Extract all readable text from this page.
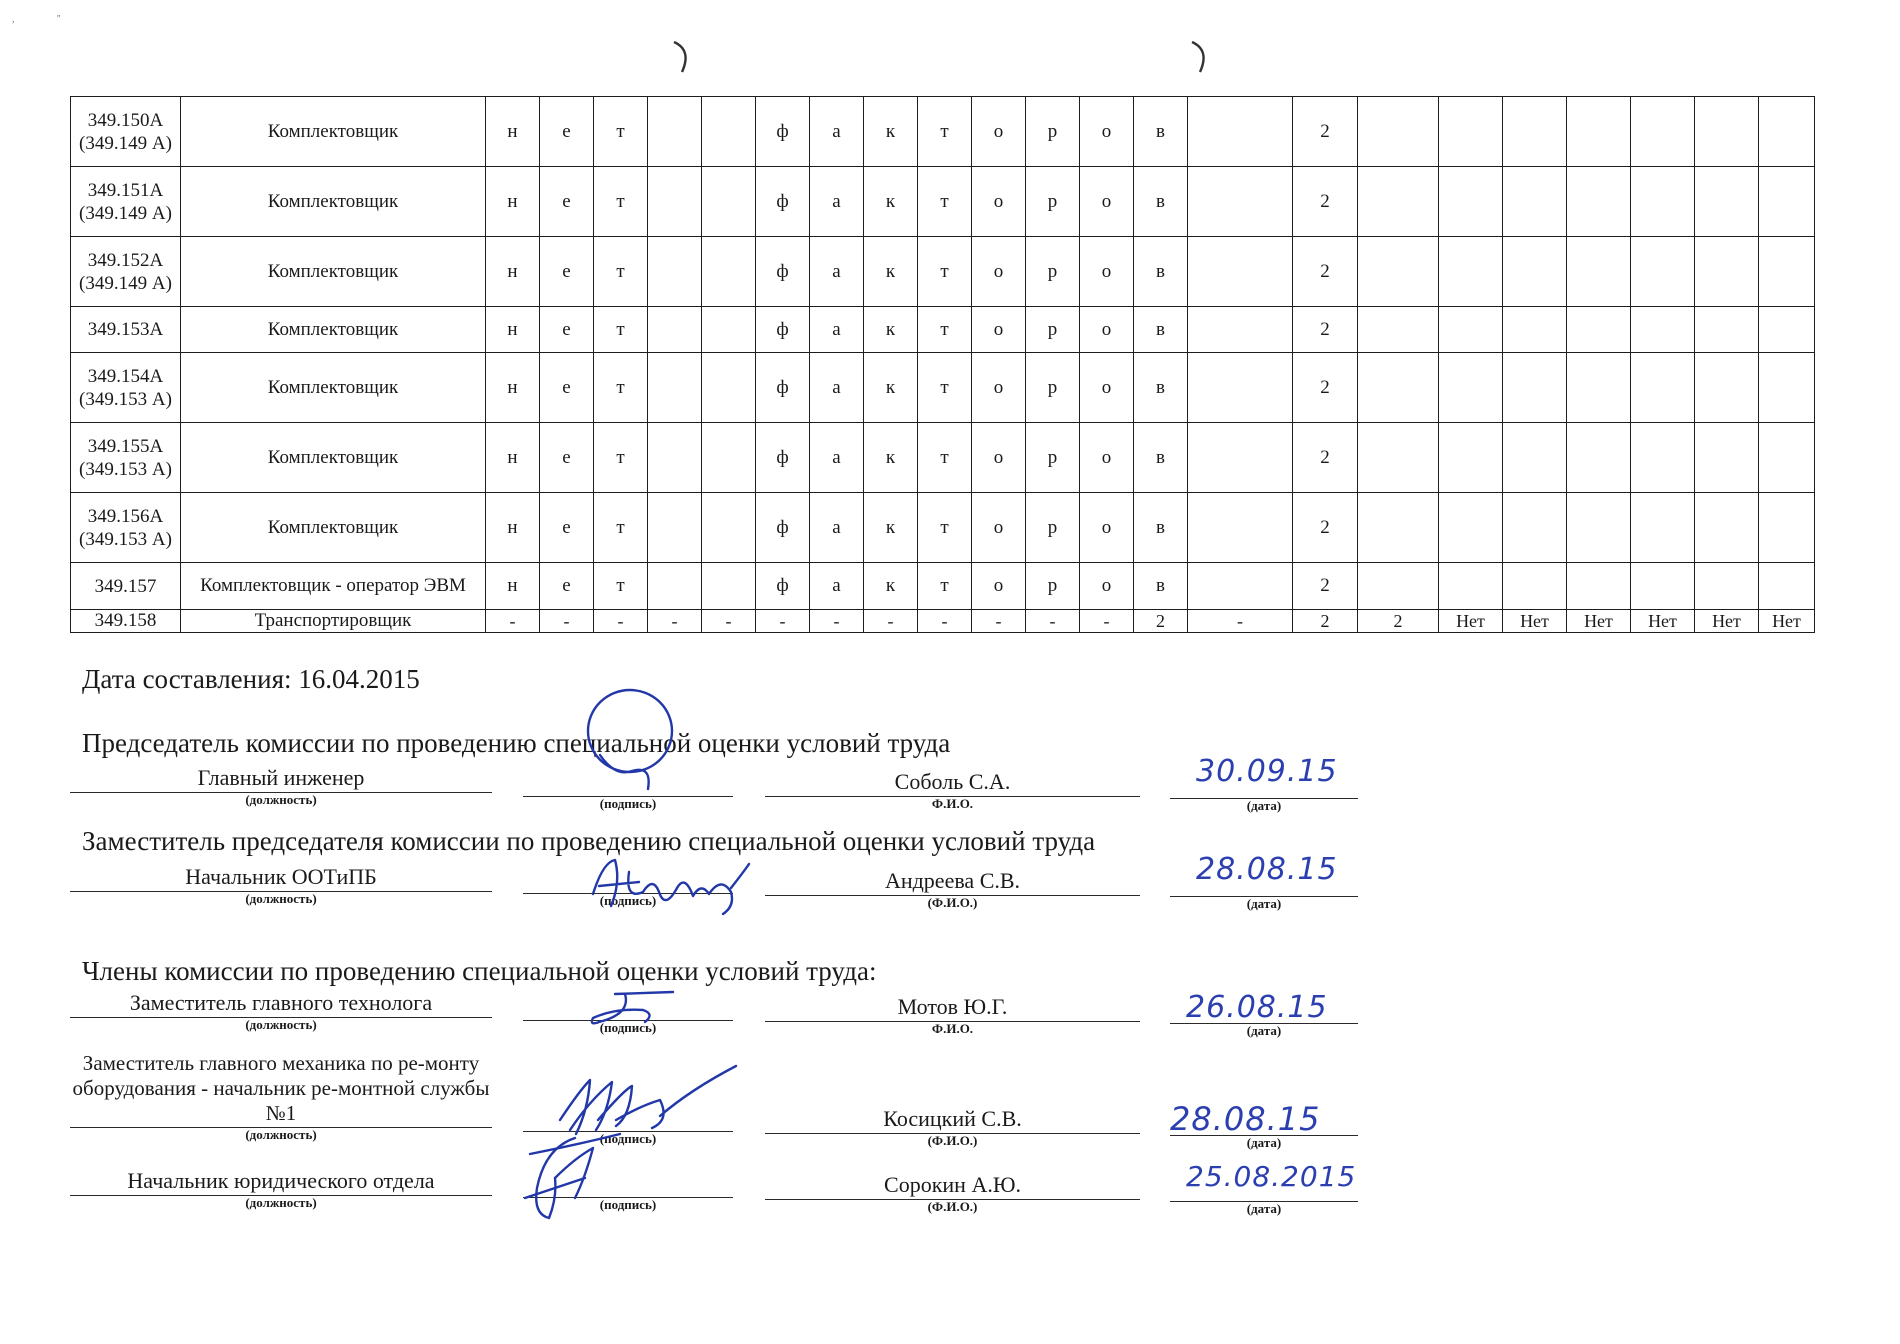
,                 ''
349.150А (349.149 А)	Комплектовщик	н	е	т			ф	а	к	т	о	р	о	в		2							
349.151А (349.149 А)	Комплектовщик	н	е	т			ф	а	к	т	о	р	о	в		2							
349.152А (349.149 А)	Комплектовщик	н	е	т			ф	а	к	т	о	р	о	в		2							
349.153А	Комплектовщик	н	е	т			ф	а	к	т	о	р	о	в		2							
349.154А (349.153 А)	Комплектовщик	н	е	т			ф	а	к	т	о	р	о	в		2							
349.155А (349.153 А)	Комплектовщик	н	е	т			ф	а	к	т	о	р	о	в		2							
349.156А (349.153 А)	Комплектовщик	н	е	т			ф	а	к	т	о	р	о	в		2							
349.157	Комплектовщик - оператор ЭВМ	н	е	т			ф	а	к	т	о	р	о	в		2							
349.158	Транспортировщик	-	-	-	-	-	-	-	-	-	-	-	-	2	-	2	2	Нет	Нет	Нет	Нет	Нет	Нет
Дата составления: 16.04.2015
Председатель комиссии по проведению специальной оценки условий труда
Главный инженер
(должность)	(подпись)
Соболь С.А.
Ф.И.О.	(дата)
30.09.15
Заместитель председателя комиссии по проведению специальной оценки условий труда
Начальник ООТиПБ
(должность)	(подпись)
Андреева С.В.
(Ф.И.О.)	(дата)
28.08.15
Члены комиссии по проведению специальной оценки условий труда:
Заместитель главного технолога
(должность)	(подпись)
Мотов Ю.Г.
Ф.И.О.	(дата)
26.08.15
Заместитель главного механика по ре-монту оборудования - начальник ре-монтной службы №1
(должность)	(подпись)
Косицкий С.В.
(Ф.И.О.)	(дата)
28.08.15
Начальник юридического отдела
(должность)	(подпись)
Сорокин А.Ю.
(Ф.И.О.)	(дата)
25.08.2015
